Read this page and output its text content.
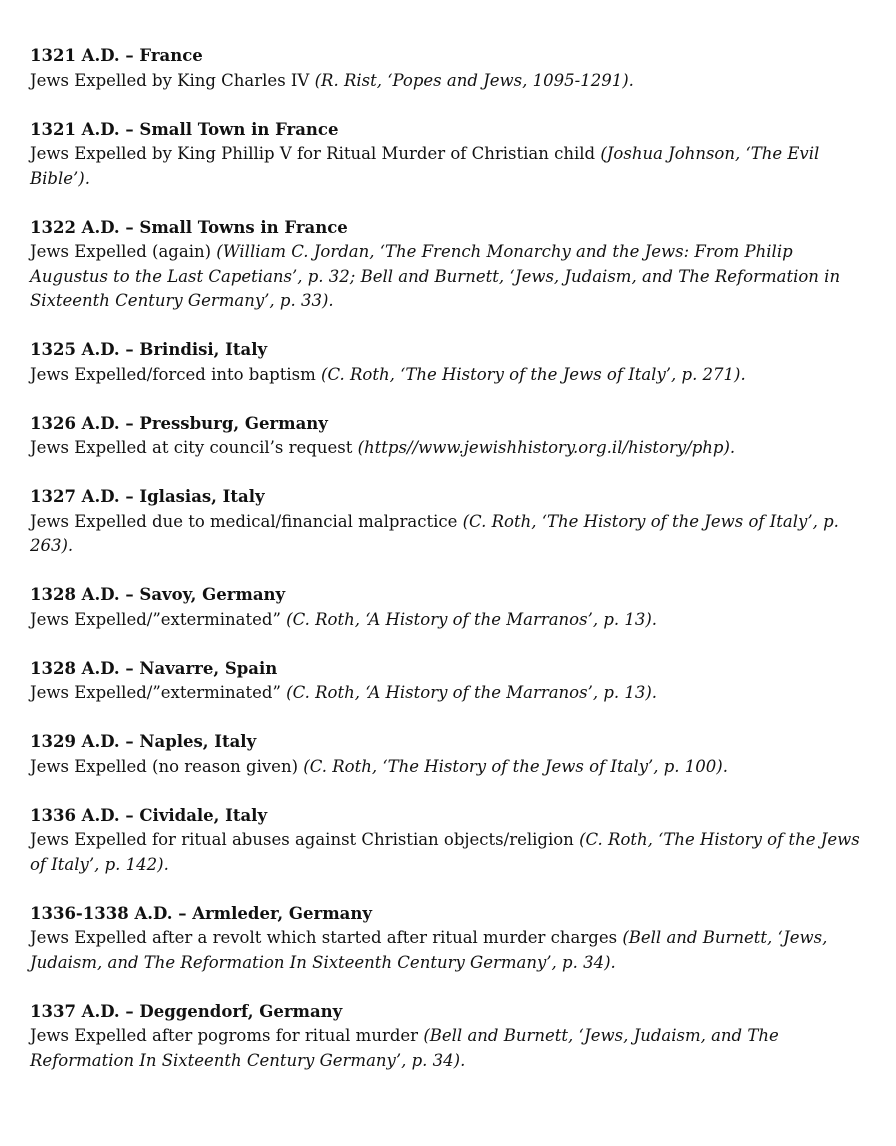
1321 A.D. – France

Jews Expelled by King Charles IV (R. Rist, ‘Popes and Jews, 1095-1291).

1321 A.D. – Small Town in France

Jews Expelled by King Phillip V for Ritual Murder of Christian child (Joshua Johnson, ‘The Evil Bible’).

1322 A.D. – Small Towns in France

Jews Expelled (again) (William C. Jordan, ‘The French Monarchy and the Jews: From Philip Augustus to the Last Capetians’, p. 32; Bell and Burnett, ‘Jews, Judaism, and The Reformation in Sixteenth Century Germany’, p. 33).

1325 A.D. – Brindisi, Italy

Jews Expelled/forced into baptism (C. Roth, ‘The History of the Jews of Italy’, p. 271).

1326 A.D. – Pressburg, Germany

Jews Expelled at city council’s request (https//www.jewishhistory.org.il/history/php).

1327 A.D. – Iglasias, Italy

Jews Expelled due to medical/financial malpractice (C. Roth, ‘The History of the Jews of Italy’, p. 263).

1328 A.D. – Savoy, Germany

Jews Expelled/”exterminated” (C. Roth, ‘A History of the Marranos’, p. 13).

1328 A.D. – Navarre, Spain

Jews Expelled/”exterminated” (C. Roth, ‘A History of the Marranos’, p. 13).

1329 A.D. – Naples, Italy

Jews Expelled (no reason given) (C. Roth, ‘The History of the Jews of Italy’, p. 100).

1336 A.D. – Cividale, Italy

Jews Expelled for ritual abuses against Christian objects/religion (C. Roth, ‘The History of the Jews of Italy’, p. 142).

1336-1338 A.D. – Armleder, Germany

Jews Expelled after a revolt which started after ritual murder charges (Bell and Burnett, ‘Jews, Judaism, and The Reformation In Sixteenth Century Germany’, p. 34).

1337 A.D. – Deggendorf, Germany

Jews Expelled after pogroms for ritual murder (Bell and Burnett, ‘Jews, Judaism, and The Reformation In Sixteenth Century Germany’, p. 34).
